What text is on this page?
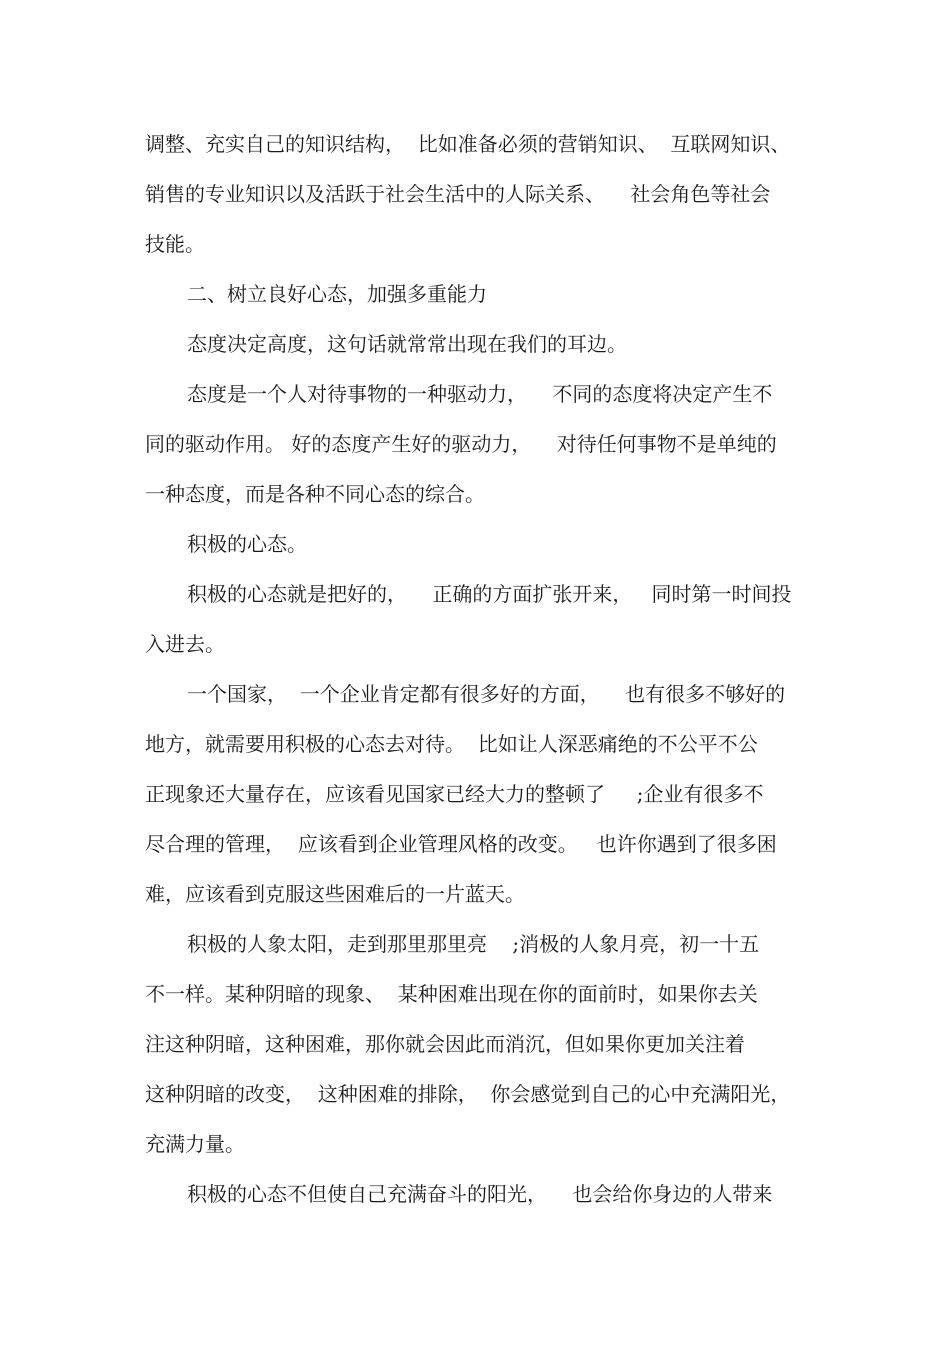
调整、充实自己的知识结构，  比如准备必须的营销知识、  互联网知识、

销售的专业知识以及活跃于社会生活中的人际关系、    社会角色等社会

技能。

二、树立良好心态，加强多重能力

态度决定高度，这句话就常常出现在我们的耳边。

态度是一个人对待事物的一种驱动力，    不同的态度将决定产生不

同的驱动作用。 好的态度产生好的驱动力，    对待任何事物不是单纯的

一种态度，而是各种不同心态的综合。

积极的心态。

积极的心态就是把好的，    正确的方面扩张开来，   同时第一时间投

入进去。

一个国家，  一个企业肯定都有很多好的方面，    也有很多不够好的

地方，就需要用积极的心态去对待。  比如让人深恶痛绝的不公平不公

正现象还大量存在，应该看见国家已经大力的整顿了     ;企业有很多不

尽合理的管理，  应该看到企业管理风格的改变。   也许你遇到了很多困

难，应该看到克服这些困难后的一片蓝天。

积极的人象太阳，走到那里那里亮    ;消极的人象月亮，初一十五

不一样。某种阴暗的现象、  某种困难出现在你的面前时，如果你去关

注这种阴暗，这种困难，那你就会因此而消沉，但如果你更加关注着

这种阴暗的改变，  这种困难的排除，  你会感觉到自己的心中充满阳光，

充满力量。

积极的心态不但使自己充满奋斗的阳光，    也会给你身边的人带来
